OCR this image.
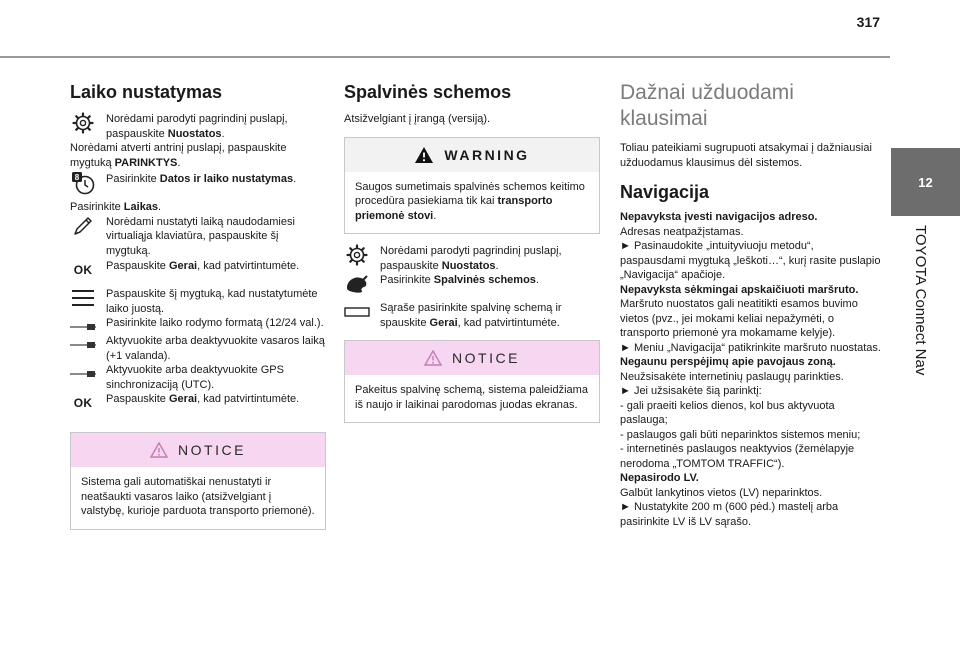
317
12
TOYOTA Connect Nav
Laiko nustatymas
Norėdami parodyti pagrindinį puslapį, paspauskite Nuostatos.

Norėdami atverti antrinį puslapį, paspauskite mygtuką PARINKTYS.

8 Pasirinkite Datos ir laiko nustatymas.

Pasirinkite Laikas.

Norėdami nustatyti laiką naudodamiesi virtualiąja klaviatūra, paspauskite šį mygtuką.
OK	Paspauskite Gerai, kad patvirtintumėte.
Paspauskite šį mygtuką, kad nustatytumėte laiko juostą.
Pasirinkite laiko rodymo formatą (12/24 val.).
Aktyvuokite arba deaktyvuokite vasaros laiką (+1 valanda).
Aktyvuokite arba deaktyvuokite GPS sinchronizaciją (UTC).
OK	Paspauskite Gerai, kad patvirtintumėte.
NOTICE
Sistema gali automatiškai nenustatyti ir neatšaukti vasaros laiko (atsižvelgiant į valstybę, kurioje parduota transporto priemonė).
Spalvinės schemos

Atsižvelgiant į įrangą (versiją).

WARNING
Saugos sumetimais spalvinės schemos keitimo procedūra pasiekiama tik kai transporto priemonė stovi.
Norėdami parodyti pagrindinį puslapį, paspauskite Nuostatos.
Pasirinkite Spalvinės schemos.
Sąraše pasirinkite spalvinę schemą ir spauskite Gerai, kad patvirtintumėte.
NOTICE
Pakeitus spalvinę schemą, sistema paleidžiama iš naujo ir laikinai parodomas juodas ekranas.
Dažnai užduodami klausimai

Toliau pateikiami sugrupuoti atsakymai į dažniausiai užduodamus klausimus dėl sistemos.

Navigacija

Nepavyksta įvesti navigacijos adreso.

Adresas neatpažįstamas.

► Pasinaudokite „intuityviuoju metodu“, paspausdami mygtuką „leškoti…“, kurį rasite puslapio „Navigacija“ apačioje.

Nepavyksta sėkmingai apskaičiuoti maršruto.

Maršruto nuostatos gali neatitikti esamos buvimo vietos (pvz., jei mokami keliai nepažymėti, o transporto priemonė yra mokamame kelyje).

► Meniu „Navigacija“ patikrinkite maršruto nuostatas.

Negaunu perspėjimų apie pavojaus zoną.

Neužsisakėte internetinių paslaugų parinkties.

► Jei užsisakėte šią parinktį:

- gali praeiti kelios dienos, kol bus aktyvuota paslauga;

- paslaugos gali būti neparinktos sistemos meniu;

- internetinės paslaugos neaktyvios (žemėlapyje nerodoma „TOMTOM TRAFFIC“).

Nepasirodo LV.

Galbūt lankytinos vietos (LV) neparinktos.

► Nustatykite 200 m (600 pėd.) mastelį arba pasirinkite LV iš LV sąrašo.
